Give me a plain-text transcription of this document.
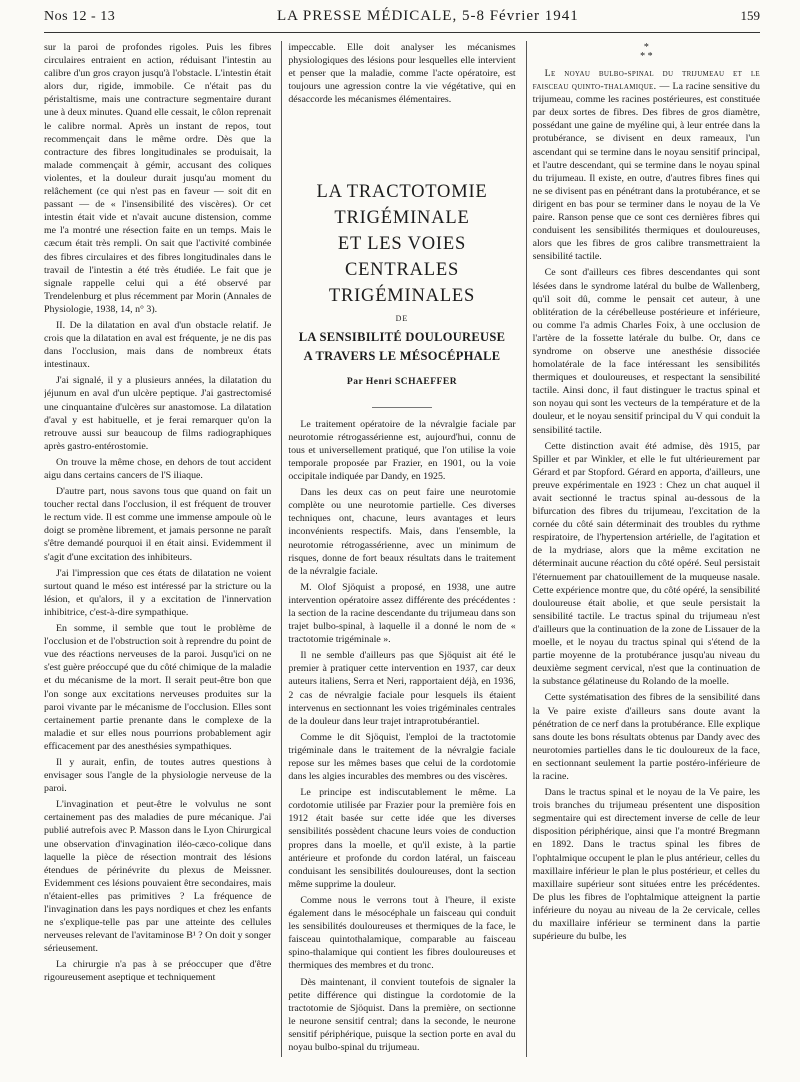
Nos 12 - 13	LA PRESSE MÉDICALE, 5-8 Février 1941	159

sur la paroi de profondes rigoles. Puis les fibres circulaires entraient en action, réduisant l'intestin au calibre d'un gros crayon jusqu'à l'obstacle. L'intestin était alors dur, rigide, immobile. Ce n'était pas du péristaltisme, mais une contracture segmentaire durant une à deux minutes. Quand elle cessait, le côlon reprenait le calibre normal. Après un instant de repos, tout recommençait dans le même ordre. Dès que la contracture des fibres longitudinales se produisait, la malade commençait à gémir, accusant des coliques violentes, et la douleur durait jusqu'au moment du relâchement (ce qui n'est pas en faveur — soit dit en passant — de « l'insensibilité des viscères). Or cet intestin était vide et n'avait aucune distension, comme me l'a montré une résection faite en un temps. Mais le cæcum était très rempli. On sait que l'activité combinée des fibres circulaires et des fibres longitudinales dans le travail de l'intestin a été très étudiée. Le fait que je signale rappelle celui qui a été observé par Trendelenburg et plus récemment par Morin (Annales de Physiologie, 1938, 14, n° 3).

II. De la dilatation en aval d'un obstacle relatif. Je crois que la dilatation en aval est fréquente, je ne dis pas dans l'occlusion, mais dans de nombreux états intestinaux.

J'ai signalé, il y a plusieurs années, la dilatation du jéjunum en aval d'un ulcère peptique. J'ai gastrectomisé une cinquantaine d'ulcères sur anastomose. La dilatation d'aval y est habituelle, et je ferai remarquer qu'on la retrouve aussi sur beaucoup de films radiographiques après gastro-entérostomie.

On trouve la même chose, en dehors de tout accident aigu dans certains cancers de l'S iliaque.

D'autre part, nous savons tous que quand on fait un toucher rectal dans l'occlusion, il est fréquent de trouver le rectum vide. Il est comme une immense ampoule où le doigt se promène librement, et jamais personne ne paraît s'être demandé pourquoi il en était ainsi. Evidemment il s'agit d'une excitation des inhibiteurs.

J'ai l'impression que ces états de dilatation ne voient surtout quand le méso est intéressé par la stricture ou la lésion, et qu'alors, il y a excitation de l'innervation inhibitrice, c'est-à-dire sympathique.

En somme, il semble que tout le problème de l'occlusion et de l'obstruction soit à reprendre du point de vue des réactions nerveuses de la paroi. Jusqu'ici on ne s'est guère préoccupé que du côté chimique de la maladie et du mécanisme de la mort. Il serait peut-être bon que l'on songe aux excitations nerveuses produites sur la paroi vivante par le mécanisme de l'occlusion. Elles sont certainement partie prenante dans le complexe de la maladie et sur elles nous pourrions probablement agir efficacement par des anesthésies sympathiques.

Il y aurait, enfin, de toutes autres questions à envisager sous l'angle de la physiologie nerveuse de la paroi.

L'invagination et peut-être le volvulus ne sont certainement pas des maladies de pure mécanique. J'ai publié autrefois avec P. Masson dans le Lyon Chirurgical une observation d'invagination iléo-cæco-colique dans laquelle la pièce de résection montrait des lésions étendues de périnévrite du plexus de Meissner. Evidemment ces lésions pouvaient être secondaires, mais n'étaient-elles pas primitives ? La fréquence de l'invagination dans les pays nordiques et chez les enfants ne s'explique-telle pas par une atteinte des cellules nerveuses relevant de l'avitaminose B¹ ? On doit y songer sérieusement.

La chirurgie n'a pas à se préoccuper que d'être rigoureusement aseptique et techniquement

impeccable. Elle doit analyser les mécanismes physiologiques des lésions pour lesquelles elle intervient et penser que la maladie, comme l'acte opératoire, est toujours une agression contre la vie végétative, qui en désaccorde les mécanismes élémentaires.

LA TRACTOTOMIE
TRIGÉMINALE
ET LES VOIES CENTRALES
TRIGÉMINALES
DE
LA SENSIBILITÉ DOULOUREUSE
A TRAVERS LE MÉSOCÉPHALE
Par Henri SCHAEFFER

Le traitement opératoire de la névralgie faciale par neurotomie rétrogassérienne est, aujourd'hui, connu de tous et universellement pratiqué, que l'on utilise la voie temporale proposée par Frazier, en 1901, ou la voie occipitale indiquée par Dandy, en 1925.

Dans les deux cas on peut faire une neurotomie complète ou une neurotomie partielle. Ces diverses techniques ont, chacune, leurs avantages et leurs inconvénients respectifs. Mais, dans l'ensemble, la neurotomie rétrogassérienne, avec un minimum de risques, donne de fort beaux résultats dans le traitement de la névralgie faciale.

M. Olof Sjöquist a proposé, en 1938, une autre intervention opératoire assez différente des précédentes : la section de la racine descendante du trijumeau dans son trajet bulbo-spinal, à laquelle il a donné le nom de « tractotomie trigéminale ».

Il ne semble d'ailleurs pas que Sjöquist ait été le premier à pratiquer cette intervention en 1937, car deux auteurs italiens, Serra et Neri, rapportaient déjà, en 1936, 2 cas de névralgie faciale pour lesquels ils étaient intervenus en sectionnant les voies trigéminales centrales de la douleur dans leur trajet intraprotubérantiel.

Comme le dit Sjöquist, l'emploi de la tractotomie trigéminale dans le traitement de la névralgie faciale repose sur les mêmes bases que celui de la cordotomie dans les algies incurables des membres ou des viscères.

Le principe est indiscutablement le même. La cordotomie utilisée par Frazier pour la première fois en 1912 était basée sur cette idée que les diverses sensibilités possèdent chacune leurs voies de conduction propres dans la moelle, et qu'il existe, à la partie antérieure et profonde du cordon latéral, un faisceau conduisant les sensibilités douloureuses, dont la section même supprime la douleur.

Comme nous le verrons tout à l'heure, il existe également dans le mésocéphale un faisceau qui conduit les sensibilités douloureuses et thermiques de la face, le faisceau quintothalamique, comparable au faisceau spino-thalamique qui contient les fibres douloureuses et thermiques des membres et du tronc.

Dès maintenant, il convient toutefois de signaler la petite différence qui distingue la cordotomie de la tractotomie de Sjöquist. Dans la première, on sectionne le neurone sensitif central; dans la seconde, le neurone sensitif périphérique, puisque la section porte en aval du noyau bulbo-spinal du trijumeau.

*
* *

Le noyau bulbo-spinal du trijumeau et le faisceau quinto-thalamique. — La racine sensitive du trijumeau, comme les racines postérieures, est constituée par deux sortes de fibres. Des fibres de gros diamètre, possédant une gaine de myéline qui, à leur entrée dans la protubérance, se divisent en deux rameaux, l'un ascendant qui se termine dans le noyau sensitif principal, et l'autre descendant, qui se termine dans le noyau spinal du trijumeau. Il existe, en outre, d'autres fibres fines qui ne se divisent pas en pénétrant dans la protubérance, et se dirigent en bas pour se terminer dans le noyau de la Ve paire. Ranson pense que ce sont ces dernières fibres qui conduisent les sensibilités thermiques et douloureuses, alors que les fibres de gros calibre transmettraient la sensibilité tactile.

Ce sont d'ailleurs ces fibres descendantes qui sont lésées dans le syndrome latéral du bulbe de Wallenberg, qu'il soit dû, comme le pensait cet auteur, à une oblitération de la cérébelleuse postérieure et inférieure, ou comme l'a admis Charles Foix, à une occlusion de l'artère de la fossette latérale du bulbe. Or, dans ce syndrome on observe une anesthésie dissociée homolatérale de la face intéressant les sensibilités thermiques et douloureuses, et respectant la sensibilité tactile. Ainsi donc, il faut distinguer le tractus spinal et son noyau qui sont les vecteurs de la température et de la douleur, et le noyau sensitif principal du V qui conduit la sensibilité tactile.

Cette distinction avait été admise, dès 1915, par Spiller et par Winkler, et elle le fut ultérieurement par Gérard et par Stopford. Gérard en apporta, d'ailleurs, une preuve expérimentale en 1923 : Chez un chat auquel il avait sectionné le tractus spinal au-dessous de la bifurcation des fibres du trijumeau, l'excitation de la cornée du côté sain déterminait des troubles du rythme respiratoire, de l'hypertension artérielle, de l'agitation et de la mydriase, alors que la même excitation ne déterminait aucune réaction du côté opéré. Seul persistait l'éternuement par chatouillement de la muqueuse nasale. Cette expérience montre que, du côté opéré, la sensibilité douloureuse était abolie, et que seule persistait la sensibilité tactile. Le tractus spinal du trijumeau n'est d'ailleurs que la continuation de la zone de Lissauer de la moelle, et le noyau du tractus spinal qui s'étend de la partie moyenne de la protubérance jusqu'au niveau du deuxième segment cervical, n'est que la continuation de la substance gélatineuse du Rolando de la moelle.

Cette systématisation des fibres de la sensibilité dans la Ve paire existe d'ailleurs sans doute avant la pénétration de ce nerf dans la protubérance. Elle explique sans doute les bons résultats obtenus par Dandy avec des neurotomies partielles dans le tic douloureux de la face, en sectionnant seulement la partie postéro-inférieure de la racine.

Dans le tractus spinal et le noyau de la Ve paire, les trois branches du trijumeau présentent une disposition segmentaire qui est directement inverse de celle de leur disposition périphérique, ainsi que l'a montré Bregmann en 1892. Dans le tractus spinal les fibres de l'ophtalmique occupent le plan le plus antérieur, celles du maxillaire inférieur le plan le plus postérieur, et celles du maxillaire supérieur sont situées entre les précédentes. De plus les fibres de l'ophtalmique atteignent la partie inférieure du noyau au niveau de la 2e cervicale, celles du maxillaire inférieur se terminent dans la partie supérieure du bulbe, les
